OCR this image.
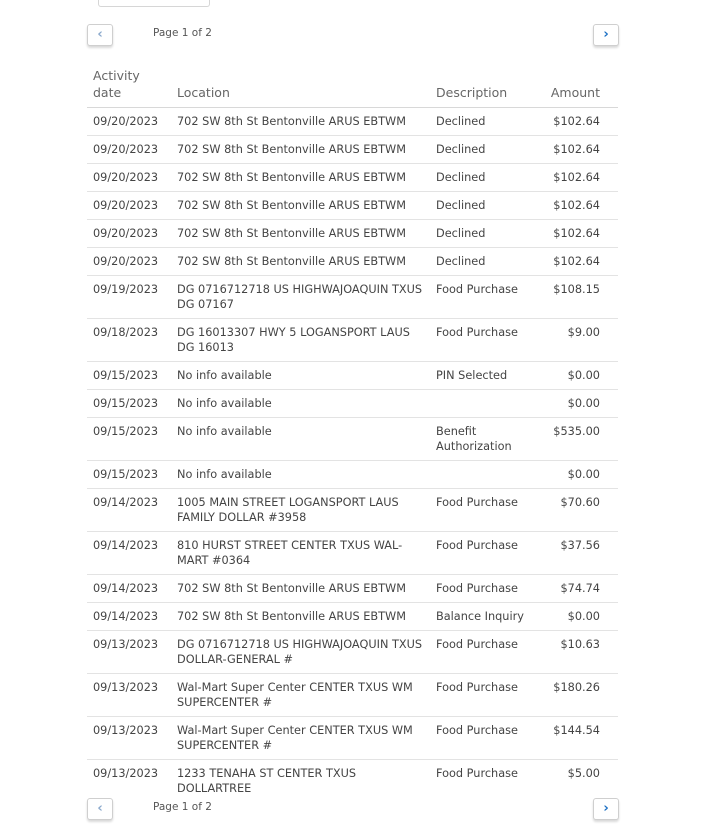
‹	Page 1 of 2	›
Activity date	Location	Description	Amount
09/20/2023	702 SW 8th St Bentonville ARUS EBTWM	Declined	$102.64
09/20/2023	702 SW 8th St Bentonville ARUS EBTWM	Declined	$102.64
09/20/2023	702 SW 8th St Bentonville ARUS EBTWM	Declined	$102.64
09/20/2023	702 SW 8th St Bentonville ARUS EBTWM	Declined	$102.64
09/20/2023	702 SW 8th St Bentonville ARUS EBTWM	Declined	$102.64
09/20/2023	702 SW 8th St Bentonville ARUS EBTWM	Declined	$102.64
09/19/2023	DG 0716712718 US HIGHWAJOAQUIN TXUS DG 07167	Food Purchase	$108.15
09/18/2023	DG 16013307 HWY 5 LOGANSPORT LAUS DG 16013	Food Purchase	$9.00
09/15/2023	No info available	PIN Selected	$0.00
09/15/2023	No info available		$0.00
09/15/2023	No info available	Benefit Authorization	$535.00
09/15/2023	No info available		$0.00
09/14/2023	1005 MAIN STREET LOGANSPORT LAUS FAMILY DOLLAR #3958	Food Purchase	$70.60
09/14/2023	810 HURST STREET CENTER TXUS WAL-MART #0364	Food Purchase	$37.56
09/14/2023	702 SW 8th St Bentonville ARUS EBTWM	Food Purchase	$74.74
09/14/2023	702 SW 8th St Bentonville ARUS EBTWM	Balance Inquiry	$0.00
09/13/2023	DG 0716712718 US HIGHWAJOAQUIN TXUS DOLLAR-GENERAL #	Food Purchase	$10.63
09/13/2023	Wal-Mart Super Center CENTER TXUS WM SUPERCENTER #	Food Purchase	$180.26
09/13/2023	Wal-Mart Super Center CENTER TXUS WM SUPERCENTER #	Food Purchase	$144.54
09/13/2023	1233 TENAHA ST CENTER TXUS DOLLARTREE	Food Purchase	$5.00
‹	Page 1 of 2	›
